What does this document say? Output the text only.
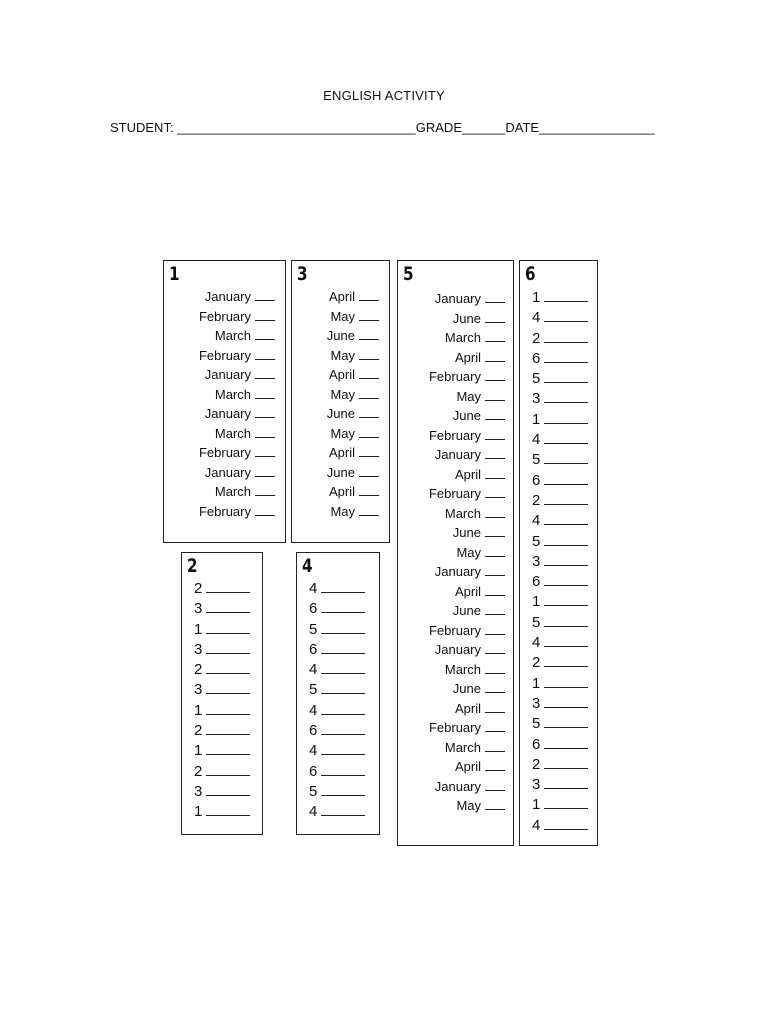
ENGLISH ACTIVITY
STUDENT: _________________________________GRADE______DATE________________
1
January
February
March
February
January
March
January
March
February
January
March
February
3
April
May
June
May
April
May
June
May
April
June
April
May
5
January
June
March
April
February
May
June
February
January
April
February
March
June
May
January
April
June
February
January
March
June
April
February
March
April
January
May
6
1
4
2
6
5
3
1
4
5
6
2
4
5
3
6
1
5
4
2
1
3
5
6
2
3
1
4
2
2
3
1
3
2
3
1
2
1
2
3
1
4
4
6
5
6
4
5
4
6
4
6
5
4
